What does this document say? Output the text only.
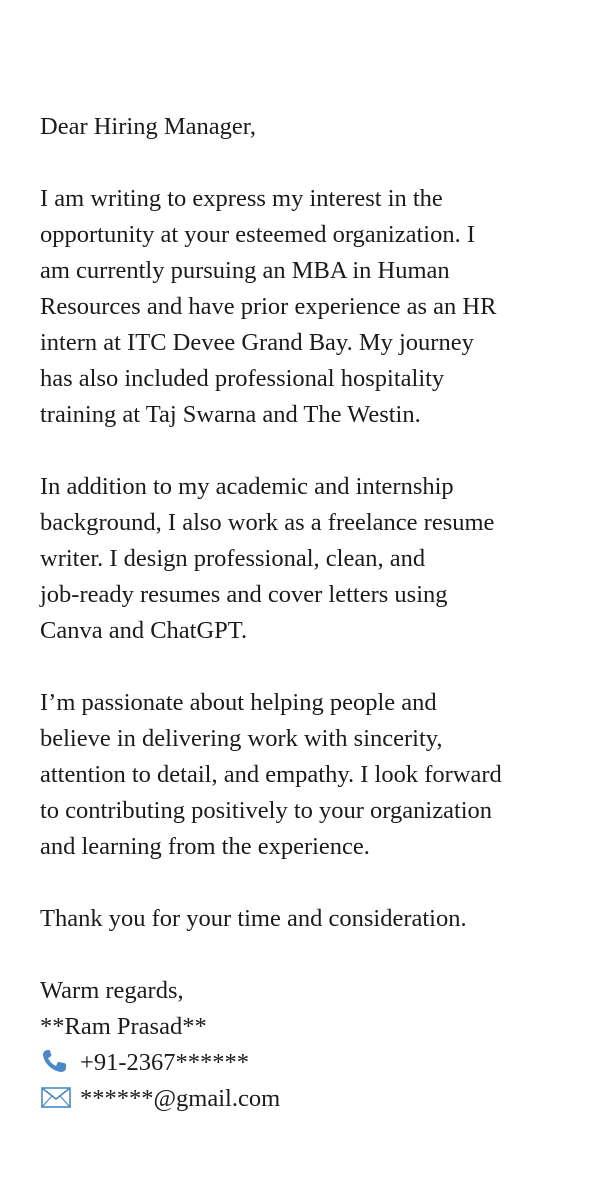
Dear Hiring Manager,

I am writing to express my interest in the
opportunity at your esteemed organization. I
am currently pursuing an MBA in Human
Resources and have prior experience as an HR
intern at ITC Devee Grand Bay. My journey
has also included professional hospitality
training at Taj Swarna and The Westin.

In addition to my academic and internship
background, I also work as a freelance resume
writer. I design professional, clean, and
job-ready resumes and cover letters using
Canva and ChatGPT.

I’m passionate about helping people and
believe in delivering work with sincerity,
attention to detail, and empathy. I look forward
to contributing positively to your organization
and learning from the experience.

Thank you for your time and consideration.

Warm regards,
**Ram Prasad**
+91-2367******
******@gmail.com
